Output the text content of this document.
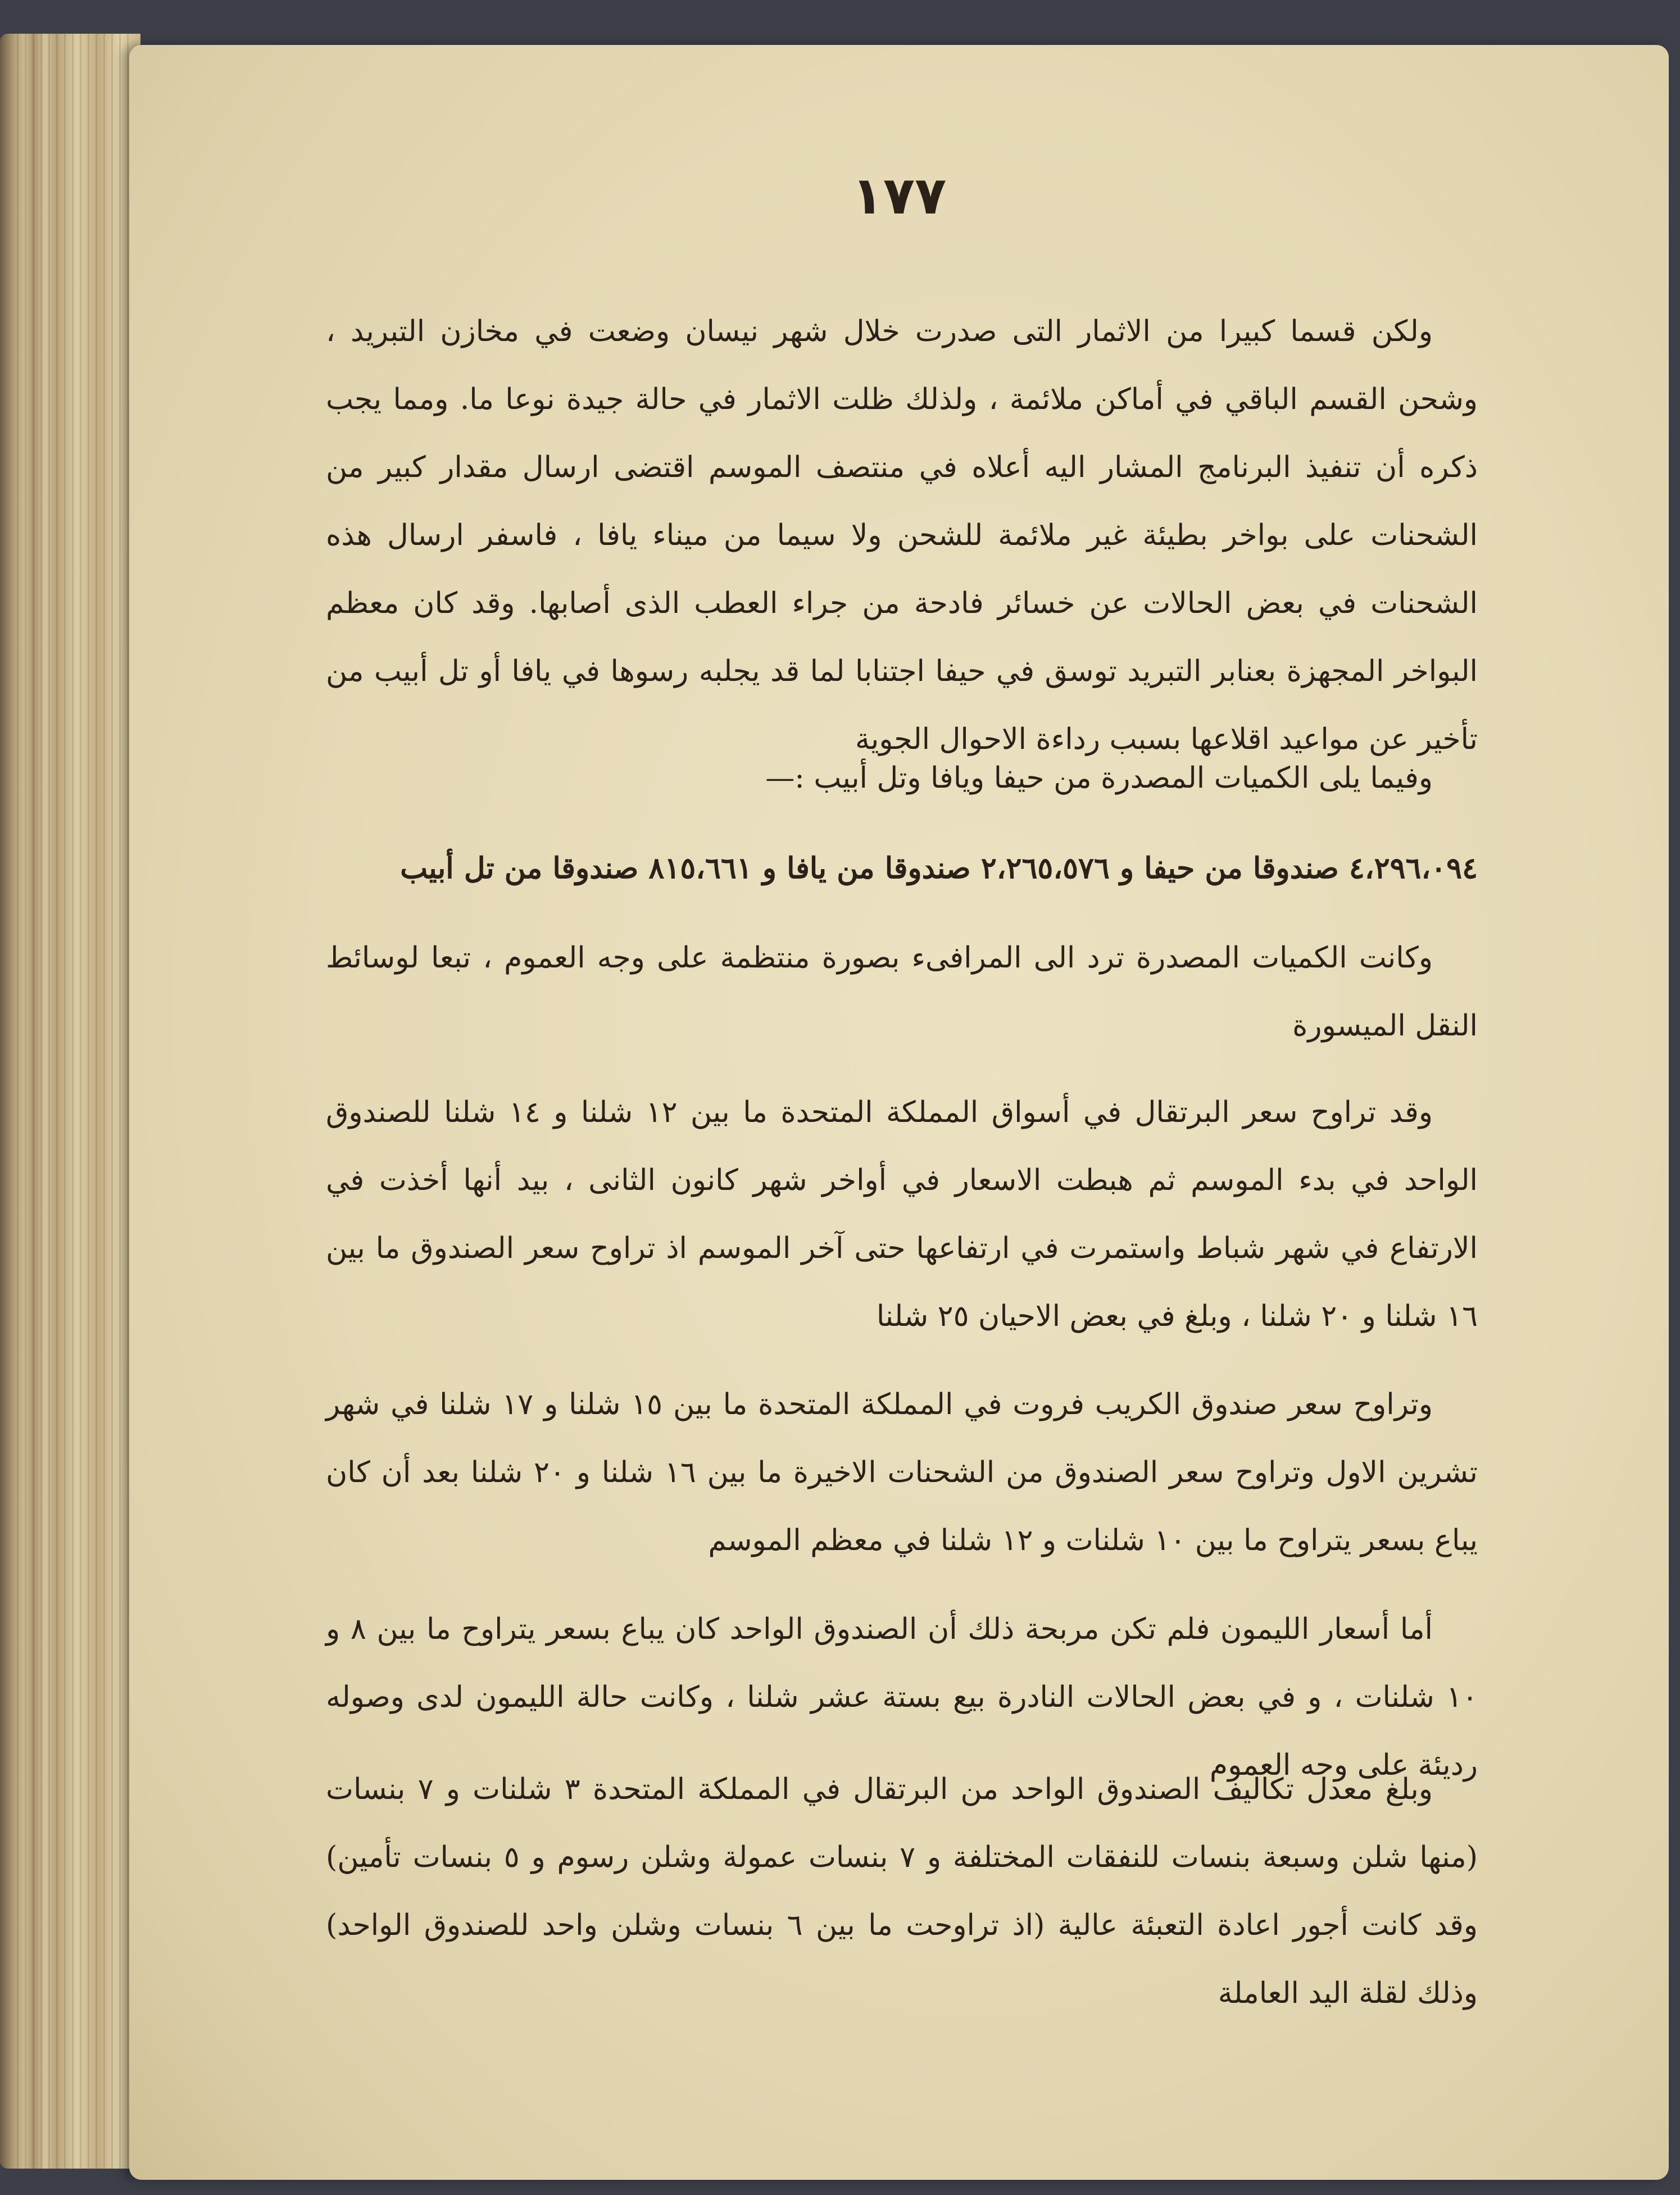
١٧٧

ولكن قسما كبيرا من الاثمار التى صدرت خلال شهر نيسان وضعت في مخازن التبريد ، وشحن القسم الباقي في أماكن ملائمة ، ولذلك ظلت الاثمار في حالة جيدة نوعا ما. ومما يجب ذكره أن تنفيذ البرنامج المشار اليه أعلاه في منتصف الموسم اقتضى ارسال مقدار كبير من الشحنات على بواخر بطيئة غير ملائمة للشحن ولا سيما من ميناء يافا ، فاسفر ارسال هذه الشحنات في بعض الحالات عن خسائر فادحة من جراء العطب الذى أصابها. وقد كان معظم البواخر المجهزة بعنابر التبريد توسق في حيفا اجتنابا لما قد يجلبه رسوها في يافا أو تل أبيب من تأخير عن مواعيد اقلاعها بسبب رداءة الاحوال الجوية

وفيما يلى الكميات المصدرة من حيفا ويافا وتل أبيب :—

٤،٢٩٦،٠٩٤ صندوقا من حيفا و ٢،٢٦٥،٥٧٦ صندوقا من يافا و ٨١٥،٦٦١ صندوقا من تل أبيب

وكانت الكميات المصدرة ترد الى المرافىء بصورة منتظمة على وجه العموم ، تبعا لوسائط النقل الميسورة

وقد تراوح سعر البرتقال في أسواق المملكة المتحدة ما بين ١٢ شلنا و ١٤ شلنا للصندوق الواحد في بدء الموسم ثم هبطت الاسعار في أواخر شهر كانون الثانى ، بيد أنها أخذت في الارتفاع في شهر شباط واستمرت في ارتفاعها حتى آخر الموسم اذ تراوح سعر الصندوق ما بين ١٦ شلنا و ٢٠ شلنا ، وبلغ في بعض الاحيان ٢٥ شلنا

وتراوح سعر صندوق الكريب فروت في المملكة المتحدة ما بين ١٥ شلنا و ١٧ شلنا في شهر تشرين الاول وتراوح سعر الصندوق من الشحنات الاخيرة ما بين ١٦ شلنا و ٢٠ شلنا بعد أن كان يباع بسعر يتراوح ما بين ١٠ شلنات و ١٢ شلنا في معظم الموسم

أما أسعار الليمون فلم تكن مربحة ذلك أن الصندوق الواحد كان يباع بسعر يتراوح ما بين ٨ و ١٠ شلنات ، و في بعض الحالات النادرة بيع بستة عشر شلنا ، وكانت حالة الليمون لدى وصوله رديئة على وجه العموم

وبلغ معدل تكاليف الصندوق الواحد من البرتقال في المملكة المتحدة ٣ شلنات و ٧ بنسات (منها شلن وسبعة بنسات للنفقات المختلفة و ٧ بنسات عمولة وشلن رسوم و ٥ بنسات تأمين) وقد كانت أجور اعادة التعبئة عالية (اذ تراوحت ما بين ٦ بنسات وشلن واحد للصندوق الواحد) وذلك لقلة اليد العاملة
